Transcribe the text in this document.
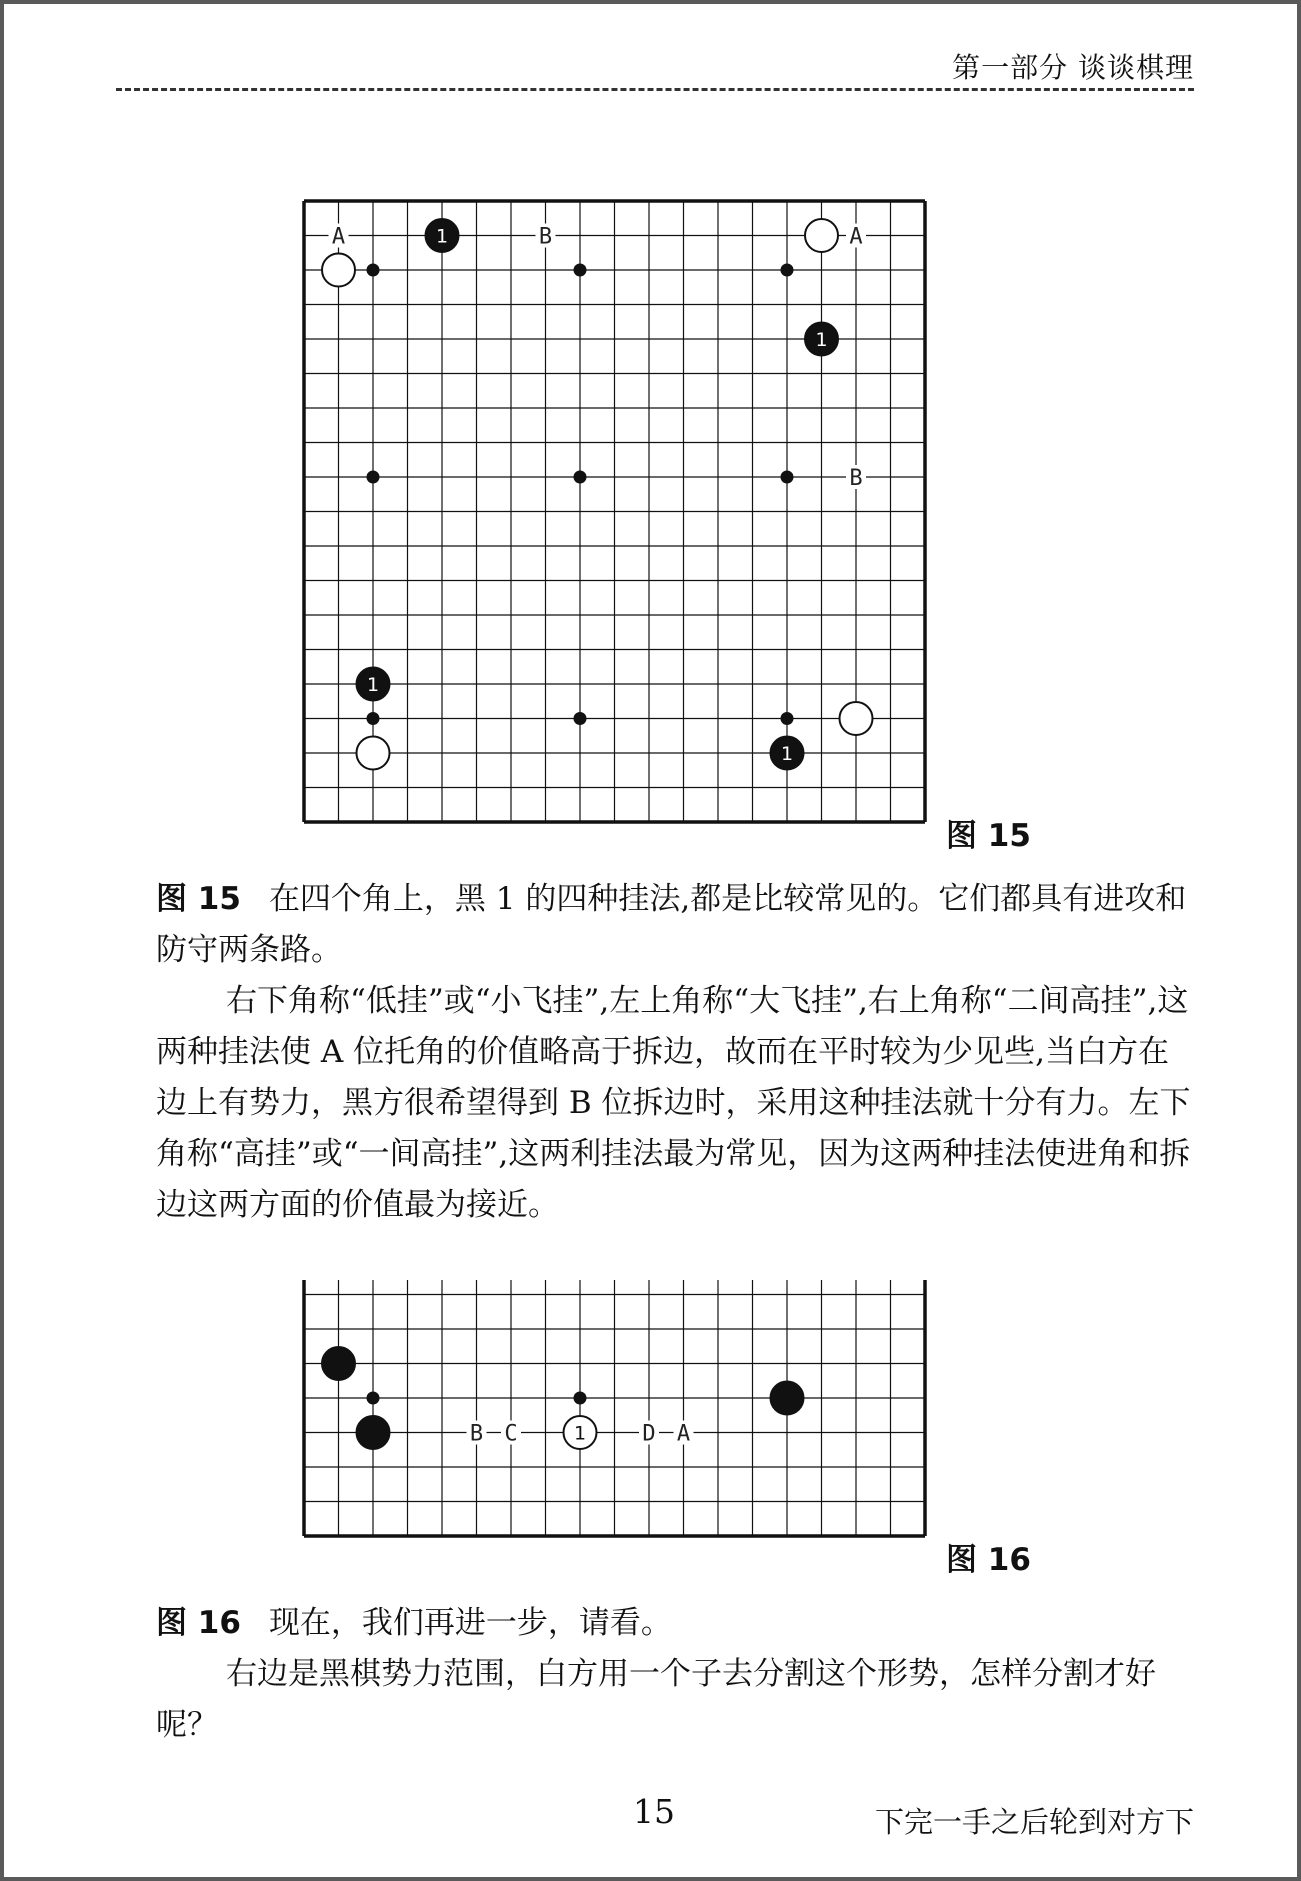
第一部分 谈谈棋理
A	B	A
B
1
1
1
1
图 15

图 15 在四个角上，黑 1 的四种挂法,都是比较常见的。它们都具有进攻和防守两条路。

右下角称“低挂”或“小飞挂”,左上角称“大飞挂”,右上角称“二间高挂”,这两种挂法使 A 位托角的价值略高于拆边，故而在平时较为少见些,当白方在边上有势力，黑方很希望得到 B 位拆边时，采用这种挂法就十分有力。左下角称“高挂”或“一间高挂”,这两利挂法最为常见，因为这两种挂法使进角和拆边这两方面的价值最为接近。

B C	D A
1
图 16

图 16 现在，我们再进一步，请看。

右边是黑棋势力范围，白方用一个子去分割这个形势，怎样分割才好呢？

15	下完一手之后轮到对方下
